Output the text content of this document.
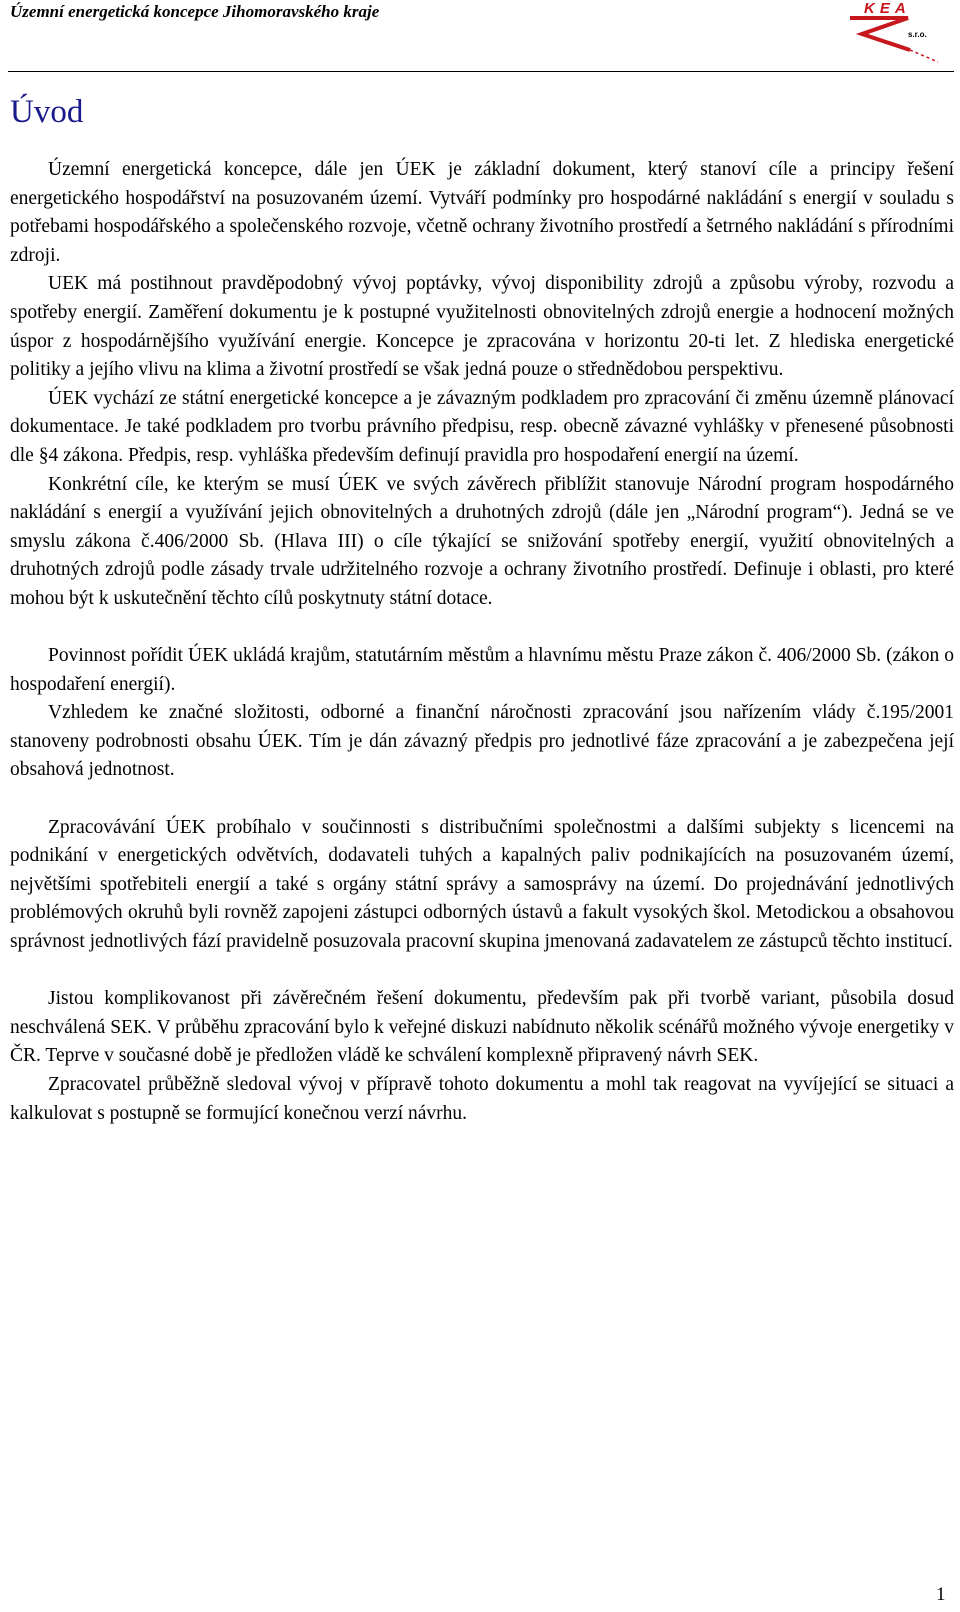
Územní energetická koncepce Jihomoravského kraje	KEA
s.r.o.
Úvod

Územní energetická koncepce, dále jen ÚEK je základní dokument, který stanoví cíle a principy řešení energetického hospodářství na posuzovaném území. Vytváří podmínky pro hospodárné nakládání s energií v souladu s potřebami hospodářského a společenského rozvoje, včetně ochrany životního prostředí a šetrného nakládání s přírodními zdroji.

UEK má postihnout pravděpodobný vývoj poptávky, vývoj disponibility zdrojů a způsobu výroby, rozvodu a spotřeby energií. Zaměření dokumentu je k postupné využitelnosti obnovitelných zdrojů energie a hodnocení možných úspor z hospodárnějšího využívání energie. Koncepce je zpracována v horizontu 20-ti let. Z hlediska energetické politiky a jejího vlivu na klima a životní prostředí se však jedná pouze o střednědobou perspektivu.

ÚEK vychází ze státní energetické koncepce a je závazným podkladem pro zpracování či změnu územně plánovací dokumentace. Je také podkladem pro tvorbu právního předpisu, resp. obecně závazné vyhlášky v přenesené působnosti dle §4 zákona. Předpis, resp. vyhláška především definují pravidla pro hospodaření energií na území.

Konkrétní cíle, ke kterým se musí ÚEK ve svých závěrech přiblížit stanovuje Národní program hospodárného nakládání s energií a využívání jejich obnovitelných a druhotných zdrojů (dále jen „Národní program“). Jedná se ve smyslu zákona č.406/2000 Sb. (Hlava III) o cíle týkající se snižování spotřeby energií, využití obnovitelných a druhotných zdrojů podle zásady trvale udržitelného rozvoje a ochrany životního prostředí. Definuje i oblasti, pro které mohou být k uskutečnění těchto cílů poskytnuty státní dotace.

Povinnost pořídit ÚEK ukládá krajům, statutárním městům a hlavnímu městu Praze zákon č. 406/2000 Sb. (zákon o hospodaření energií).

Vzhledem ke značné složitosti, odborné a finanční náročnosti zpracování jsou nařízením vlády č.195/2001 stanoveny podrobnosti obsahu ÚEK. Tím je dán závazný předpis pro jednotlivé fáze zpracování a je zabezpečena její obsahová jednotnost.

Zpracovávání ÚEK probíhalo v součinnosti s distribučními společnostmi a dalšími subjekty s licencemi na podnikání v energetických odvětvích, dodavateli tuhých a kapalných paliv podnikajících na posuzovaném území, největšími spotřebiteli energií a také s orgány státní správy a samosprávy na území. Do projednávání jednotlivých problémových okruhů byli rovněž zapojeni zástupci odborných ústavů a fakult vysokých škol. Metodickou a obsahovou správnost jednotlivých fází pravidelně posuzovala pracovní skupina jmenovaná zadavatelem ze zástupců těchto institucí.

Jistou komplikovanost při závěrečném řešení dokumentu, především pak při tvorbě variant, působila dosud neschválená SEK. V průběhu zpracování bylo k veřejné diskuzi nabídnuto několik scénářů možného vývoje energetiky v ČR. Teprve v současné době je předložen vládě ke schválení komplexně připravený návrh SEK.

Zpracovatel průběžně sledoval vývoj v přípravě tohoto dokumentu a mohl tak reagovat na vyvíjející se situaci a kalkulovat s postupně se formující konečnou verzí návrhu.

1
